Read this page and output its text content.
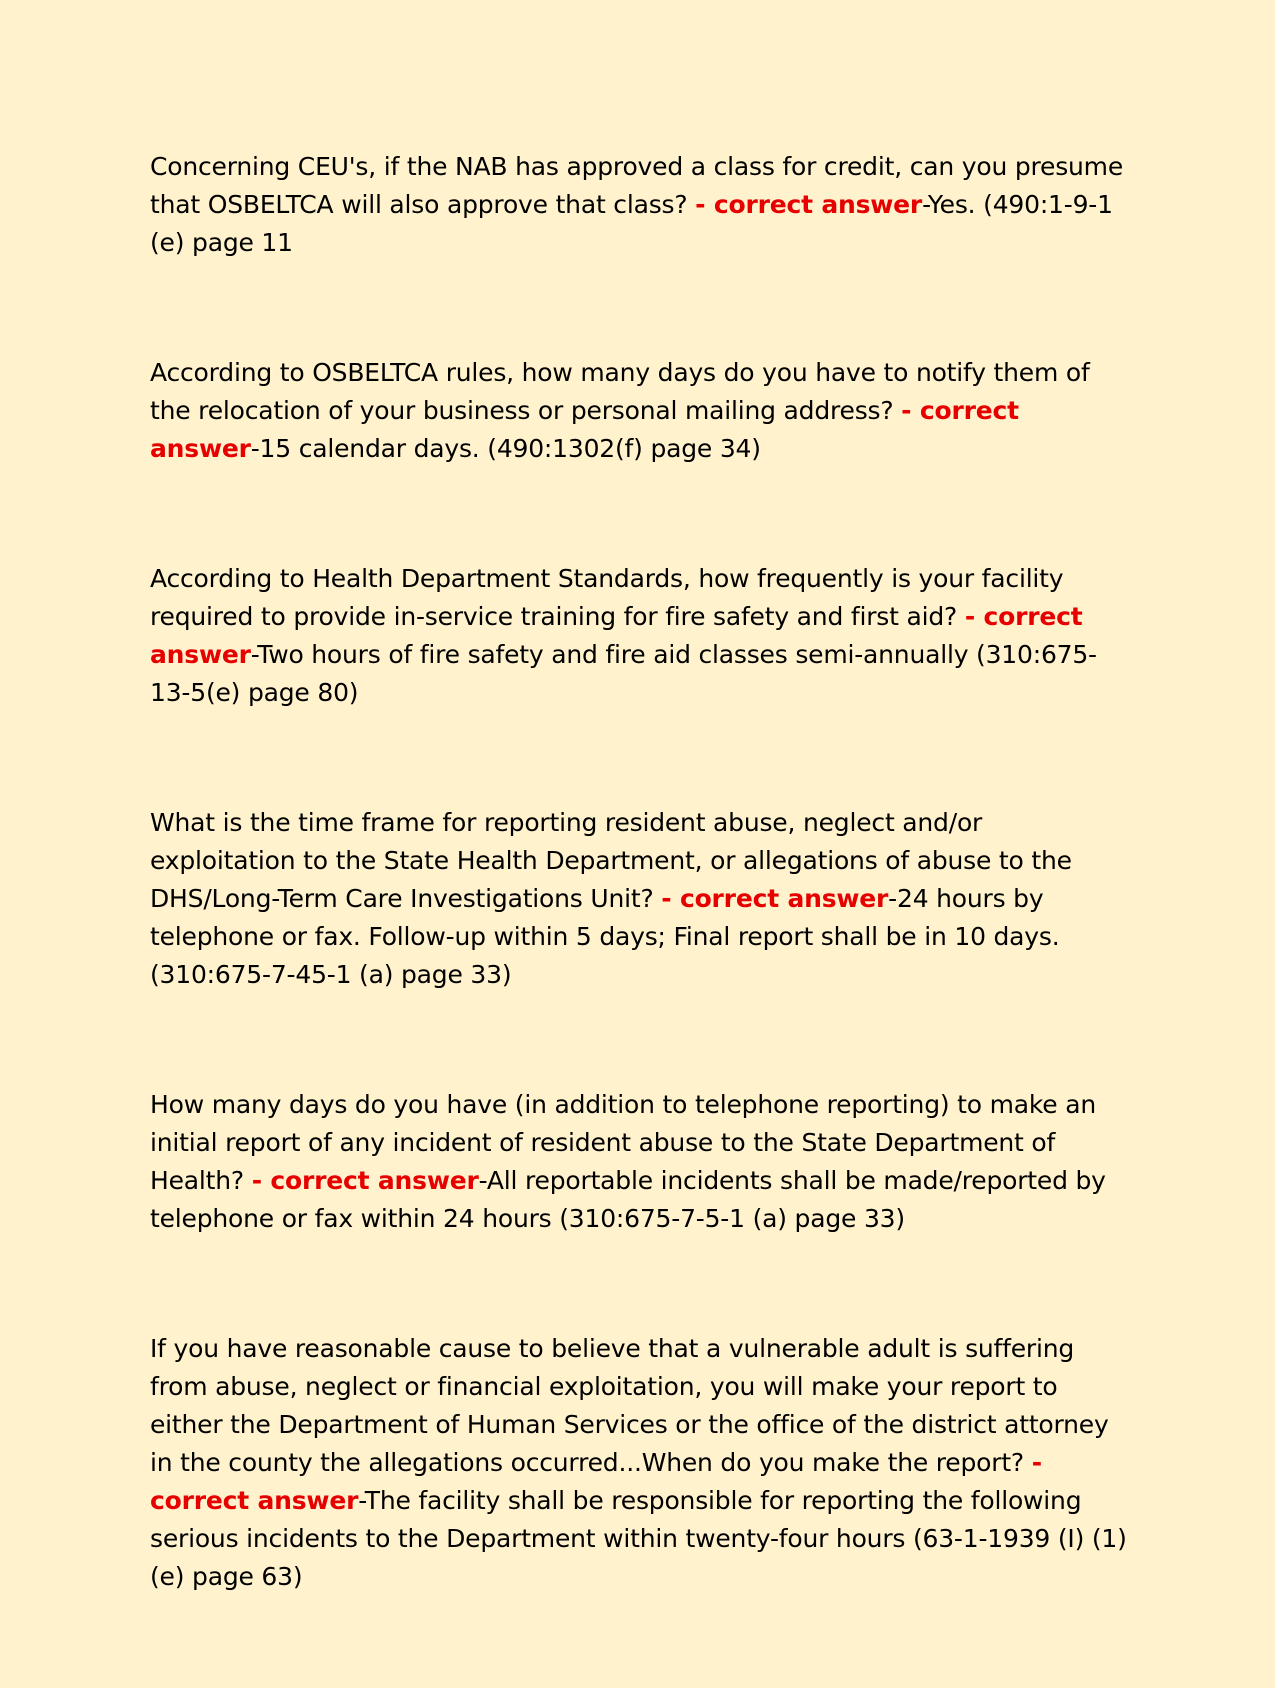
Concerning CEU's, if the NAB has approved a class for credit, can you presume that OSBELTCA will also approve that class? - correct answer-Yes. (490:1-9-1 (e) page 11

According to OSBELTCA rules, how many days do you have to notify them of the relocation of your business or personal mailing address? - correct answer-15 calendar days. (490:1302(f) page 34)

According to Health Department Standards, how frequently is your facility required to provide in-service training for fire safety and first aid? - correct answer-Two hours of fire safety and fire aid classes semi-annually (310:675-13-5(e) page 80)

What is the time frame for reporting resident abuse, neglect and/or exploitation to the State Health Department, or allegations of abuse to the DHS/Long-Term Care Investigations Unit? - correct answer-24 hours by telephone or fax. Follow-up within 5 days; Final report shall be in 10 days. (310:675-7-45-1 (a) page 33)

How many days do you have (in addition to telephone reporting) to make an initial report of any incident of resident abuse to the State Department of Health? - correct answer-All reportable incidents shall be made/reported by telephone or fax within 24 hours (310:675-7-5-1 (a) page 33)

If you have reasonable cause to believe that a vulnerable adult is suffering from abuse, neglect or financial exploitation, you will make your report to either the Department of Human Services or the office of the district attorney in the county the allegations occurred...When do you make the report? - correct answer-The facility shall be responsible for reporting the following serious incidents to the Department within twenty-four hours (63-1-1939 (I) (1) (e) page 63)
